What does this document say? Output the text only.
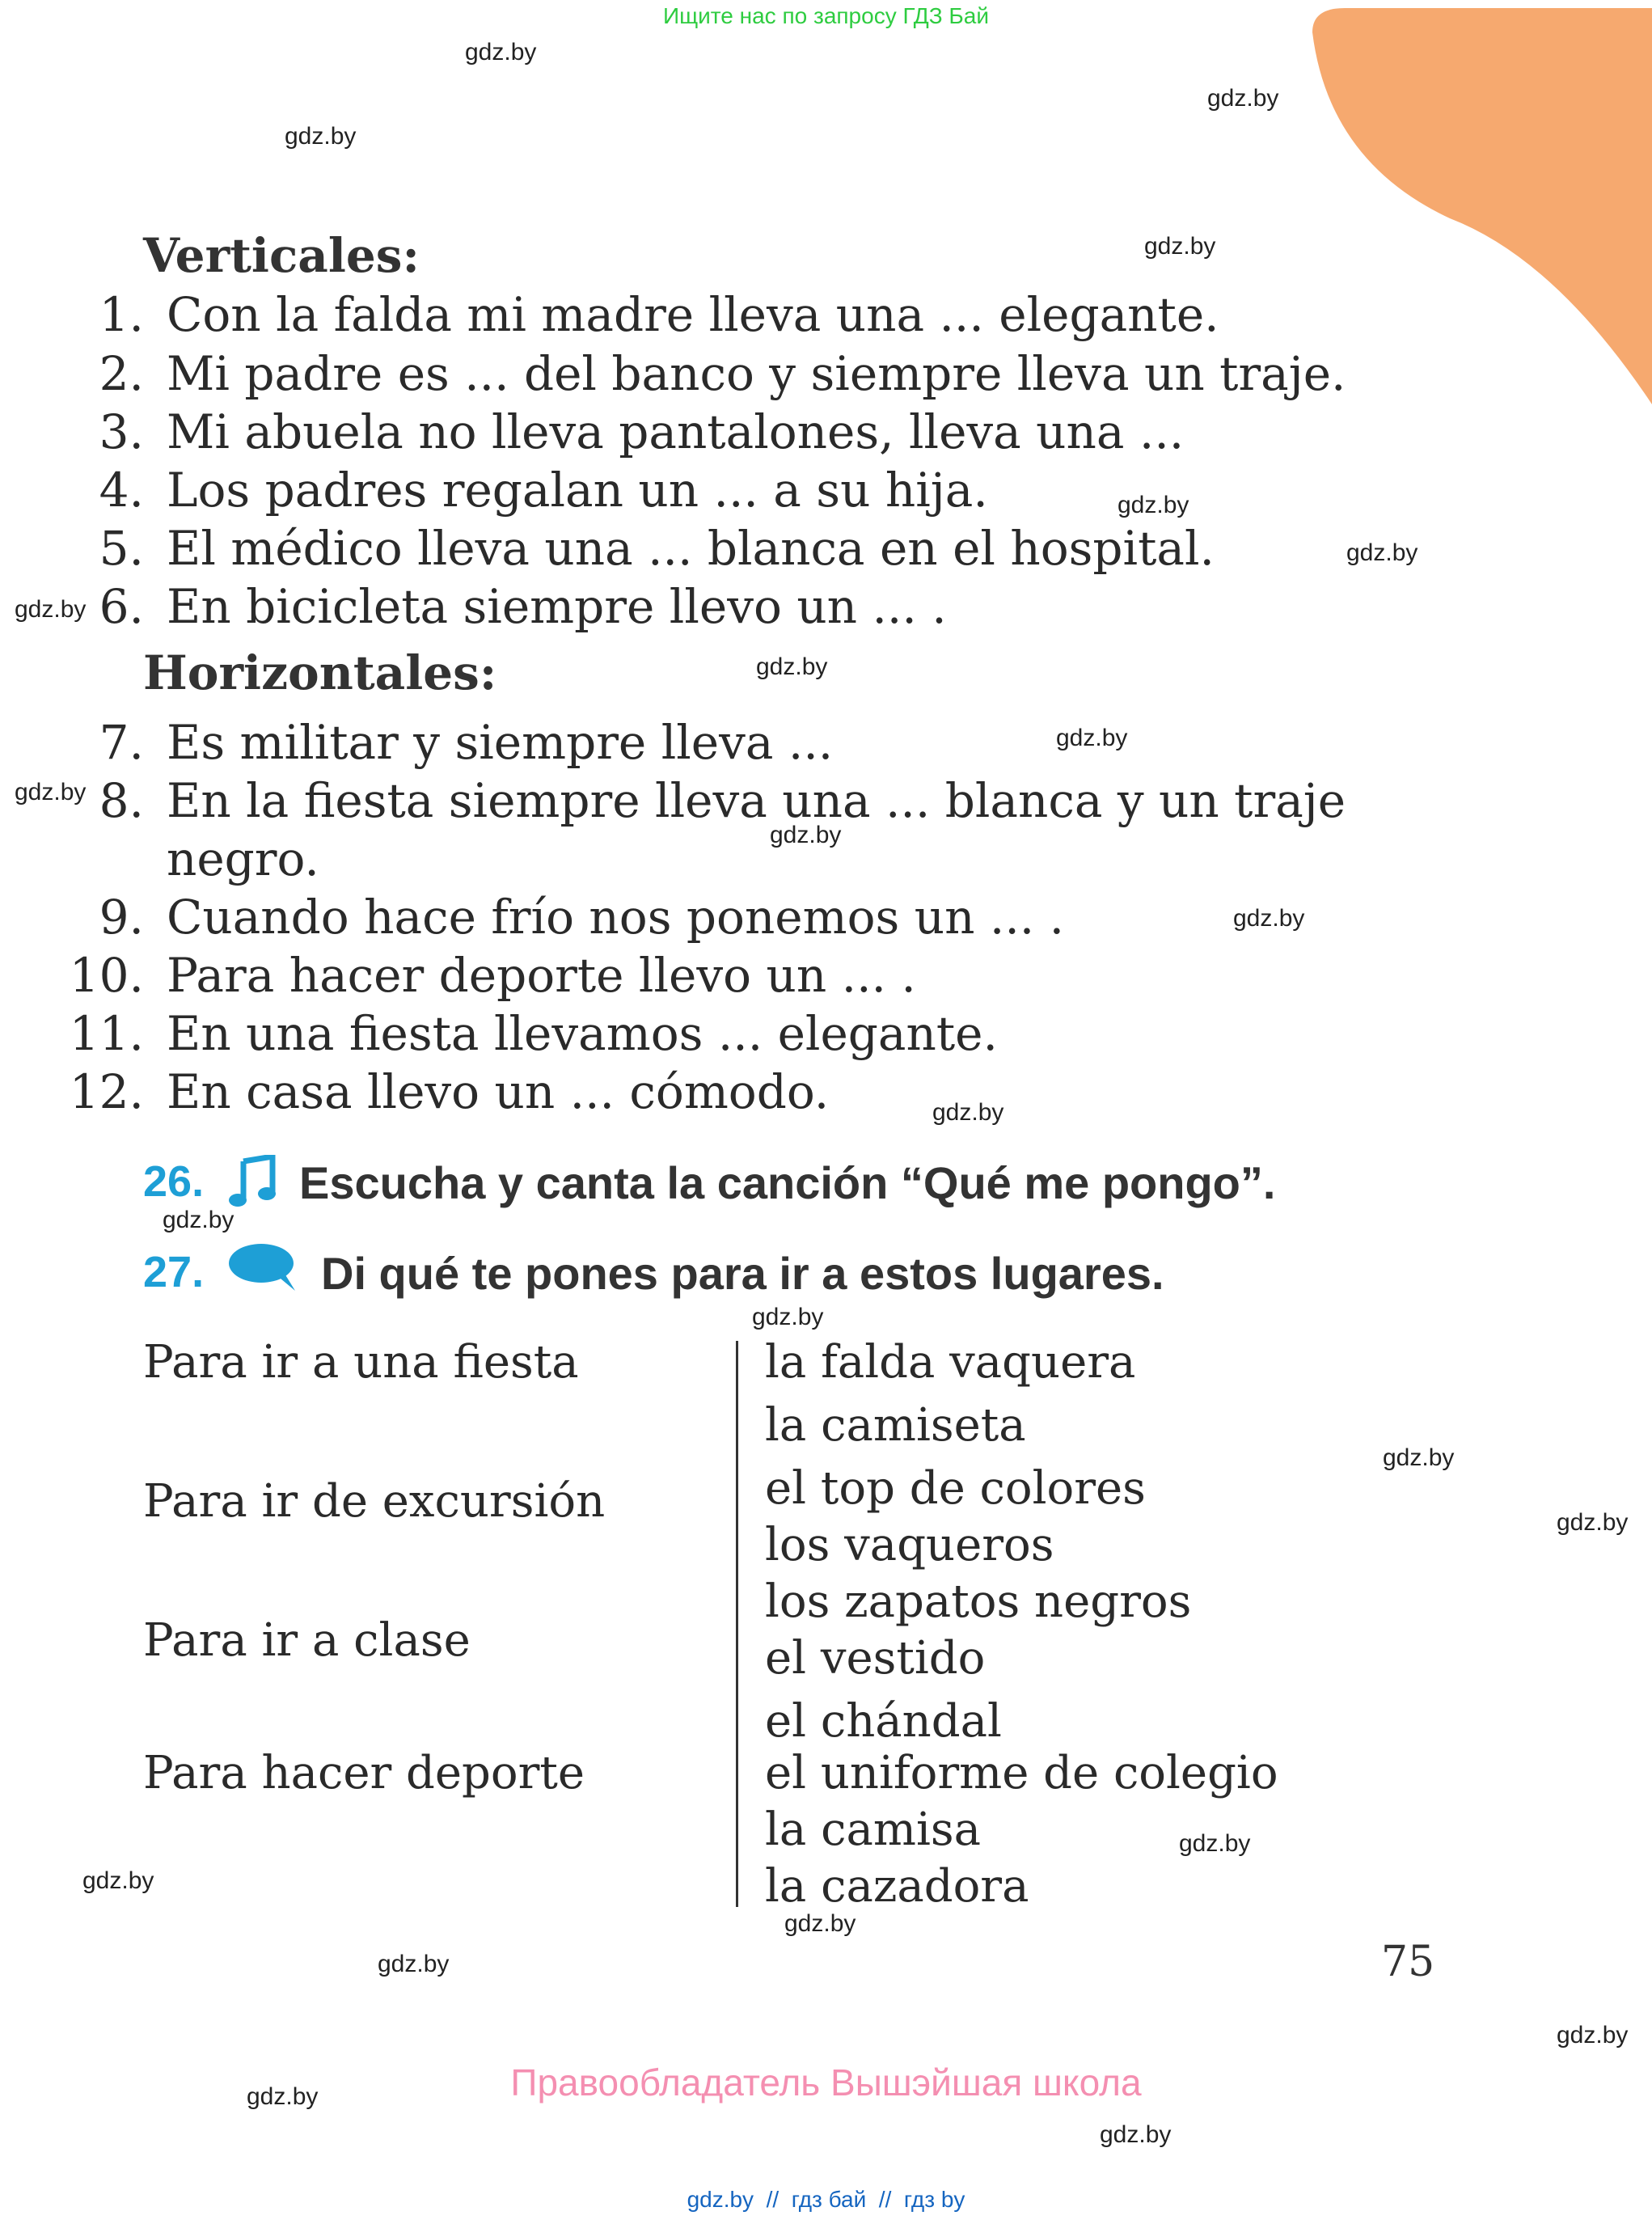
Ищите нас по запросу ГДЗ Бай
gdz.by
gdz.by
gdz.by
gdz.by
gdz.by
gdz.by
gdz.by
gdz.by
gdz.by
gdz.by
gdz.by
gdz.by
gdz.by
gdz.by
gdz.by
gdz.by
gdz.by
gdz.by
gdz.by
gdz.by
gdz.by
gdz.by
gdz.by
gdz.by
Verticales:
1. Con la falda mi madre lleva una ... elegante.
2. Mi padre es ... del banco y siempre lleva un traje.
3. Mi abuela no lleva pantalones, lleva una ...
4. Los padres regalan un ... a su hija.
5. El médico lleva una ... blanca en el hospital.
6. En bicicleta siempre llevo un ... .
Horizontales:
7. Es militar y siempre lleva ...
8. En la fiesta siempre lleva una ... blanca y un traje
negro.
9. Cuando hace frío nos ponemos un ... .
10. Para hacer deporte llevo un ... .
11. En una fiesta llevamos ... elegante.
12. En casa llevo un ... cómodo.
26. Escucha y canta la canción “Qué me pongo”.
27.	Di qué te pones para ir a estos lugares.
Para ir a una fiesta
Para ir de excursión
Para ir a clase
Para hacer deporte
la falda vaquera
la camiseta
el top de colores
los vaqueros
los zapatos negros
el vestido
el chándal
el uniforme de colegio
la camisa
la cazadora
75
Правообладатель Вышэйшая школа
gdz.by  //  гдз бай  //  гдз by
